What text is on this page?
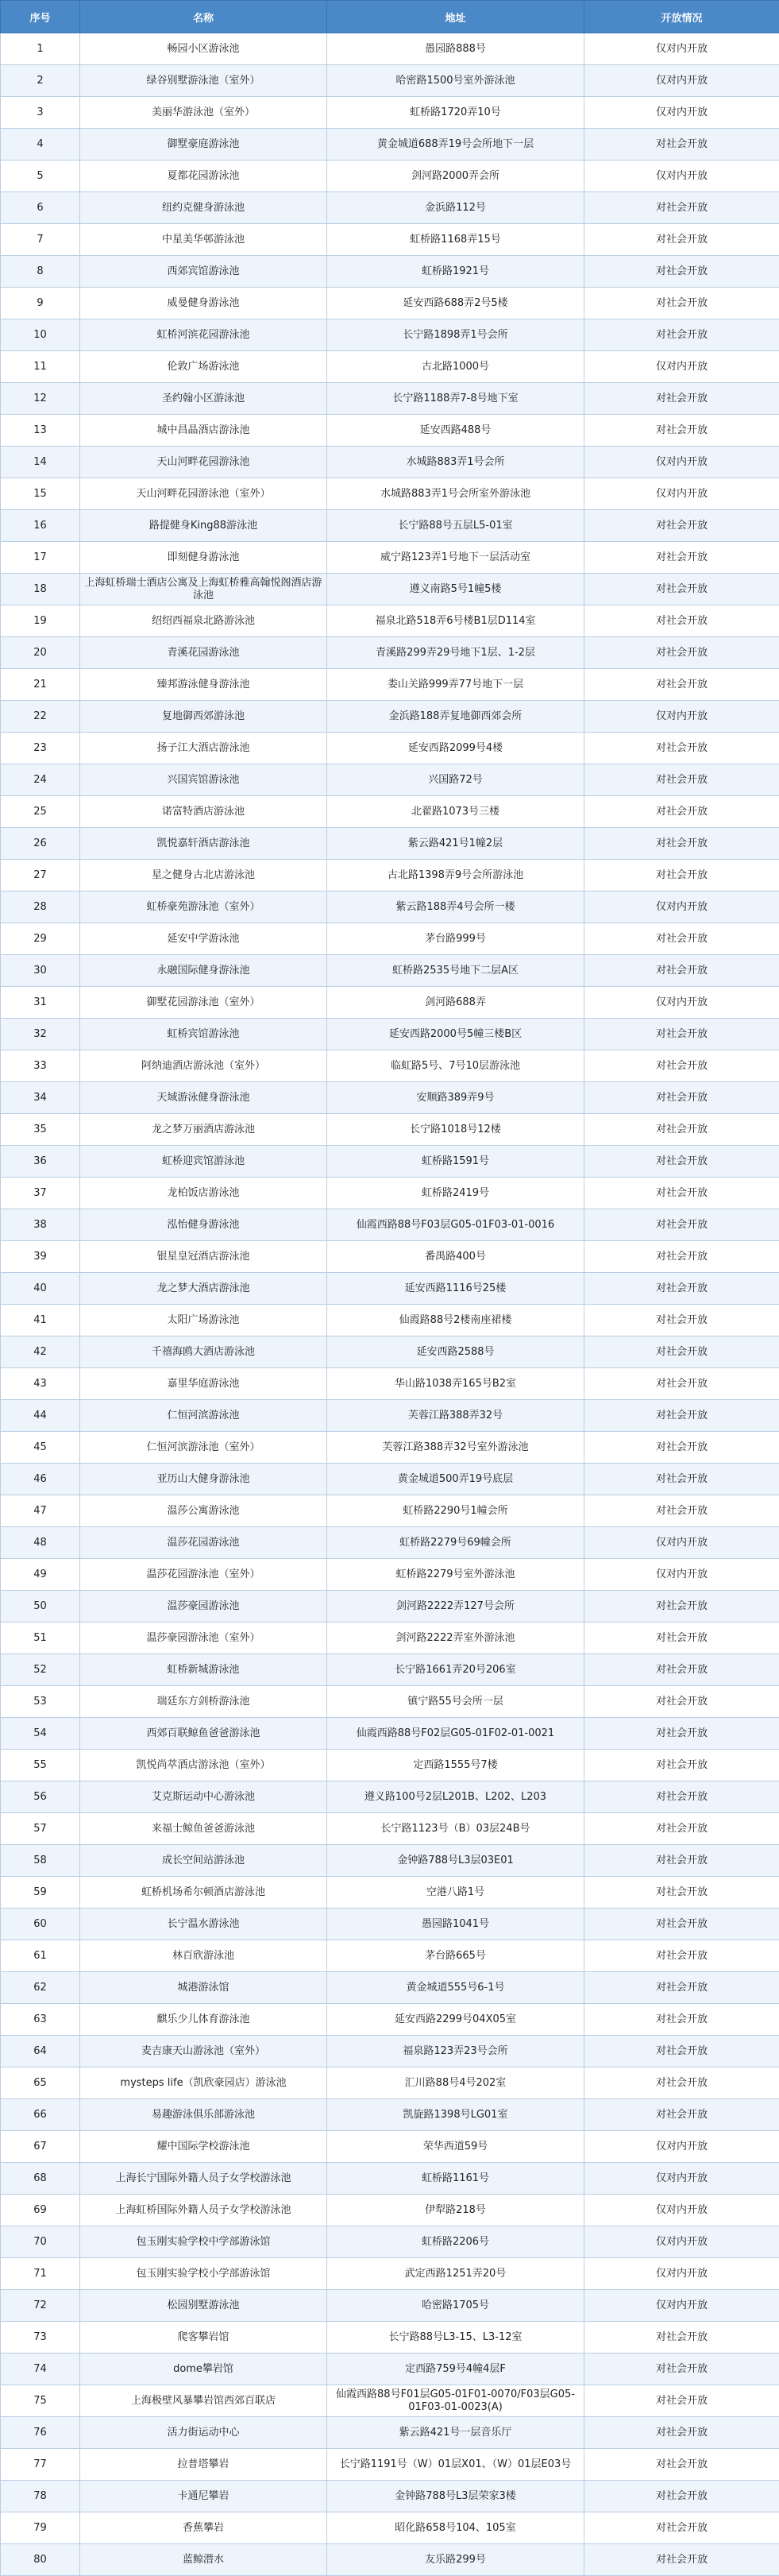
序号	名称	地址	开放情况
1	畅园小区游泳池	愚园路888号	仅对内开放
2	绿谷别墅游泳池（室外）	哈密路1500号室外游泳池	仅对内开放
3	美丽华游泳池（室外）	虹桥路1720弄10号	仅对内开放
4	御墅豪庭游泳池	黄金城道688弄19号会所地下一层	对社会开放
5	夏都花园游泳池	剑河路2000弄会所	仅对内开放
6	纽约克健身游泳池	金浜路112号	对社会开放
7	中星美华邨游泳池	虹桥路1168弄15号	对社会开放
8	西郊宾馆游泳池	虹桥路1921号	对社会开放
9	威曼健身游泳池	延安西路688弄2号5楼	对社会开放
10	虹桥河滨花园游泳池	长宁路1898弄1号会所	对社会开放
11	伦敦广场游泳池	古北路1000号	仅对内开放
12	圣约翰小区游泳池	长宁路1188弄7-8号地下室	对社会开放
13	城中昌晶酒店游泳池	延安西路488号	对社会开放
14	天山河畔花园游泳池	水城路883弄1号会所	仅对内开放
15	天山河畔花园游泳池（室外）	水城路883弄1号会所室外游泳池	仅对内开放
16	路提健身King88游泳池	长宁路88号五层L5-01室	对社会开放
17	即刻健身游泳池	威宁路123弄1号地下一层活动室	对社会开放
18	上海虹桥瑞士酒店公寓及上海虹桥雅高翰悦阁酒店游泳池	遵义南路5号1幢5楼	对社会开放
19	绍绍西福泉北路游泳池	福泉北路518弄6号楼B1层D114室	对社会开放
20	青溪花园游泳池	青溪路299弄29号地下1层、1-2层	对社会开放
21	臻邦游泳健身游泳池	娄山关路999弄77号地下一层	对社会开放
22	复地御西郊游泳池	金浜路188弄复地御西郊会所	仅对内开放
23	扬子江大酒店游泳池	延安西路2099号4楼	对社会开放
24	兴国宾馆游泳池	兴国路72号	对社会开放
25	诺富特酒店游泳池	北翟路1073号三楼	对社会开放
26	凯悦嘉轩酒店游泳池	紫云路421号1幢2层	对社会开放
27	星之健身古北店游泳池	古北路1398弄9号会所游泳池	对社会开放
28	虹桥豪苑游泳池（室外）	紫云路188弄4号会所一楼	仅对内开放
29	延安中学游泳池	茅台路999号	对社会开放
30	永融国际健身游泳池	虹桥路2535号地下二层A区	对社会开放
31	御墅花园游泳池（室外）	剑河路688弄	仅对内开放
32	虹桥宾馆游泳池	延安西路2000号5幢三楼B区	对社会开放
33	阿纳迪酒店游泳池（室外）	临虹路5号、7号10层游泳池	对社会开放
34	天域游泳健身游泳池	安顺路389弄9号	对社会开放
35	龙之梦万丽酒店游泳池	长宁路1018号12楼	对社会开放
36	虹桥迎宾馆游泳池	虹桥路1591号	对社会开放
37	龙柏饭店游泳池	虹桥路2419号	对社会开放
38	泓怡健身游泳池	仙霞西路88号F03层G05-01F03-01-0016	对社会开放
39	银星皇冠酒店游泳池	番禺路400号	对社会开放
40	龙之梦大酒店游泳池	延安西路1116号25楼	对社会开放
41	太阳广场游泳池	仙霞路88号2楼南座裙楼	对社会开放
42	千禧海鸥大酒店游泳池	延安西路2588号	对社会开放
43	嘉里华庭游泳池	华山路1038弄165号B2室	对社会开放
44	仁恒河滨游泳池	芙蓉江路388弄32号	对社会开放
45	仁恒河滨游泳池（室外）	芙蓉江路388弄32号室外游泳池	对社会开放
46	亚历山大健身游泳池	黄金城道500弄19号底层	对社会开放
47	温莎公寓游泳池	虹桥路2290号1幢会所	对社会开放
48	温莎花园游泳池	虹桥路2279号69幢会所	仅对内开放
49	温莎花园游泳池（室外）	虹桥路2279号室外游泳池	仅对内开放
50	温莎豪园游泳池	剑河路2222弄127号会所	对社会开放
51	温莎豪园游泳池（室外）	剑河路2222弄室外游泳池	对社会开放
52	虹桥新城游泳池	长宁路1661弄20号206室	对社会开放
53	瑞廷东方剑桥游泳池	镇宁路55号会所一层	对社会开放
54	西郊百联鲸鱼爸爸游泳池	仙霞西路88号F02层G05-01F02-01-0021	对社会开放
55	凯悦尚萃酒店游泳池（室外）	定西路1555号7楼	对社会开放
56	艾克斯运动中心游泳池	遵义路100号2层L201B、L202、L203	对社会开放
57	来福士鲸鱼爸爸游泳池	长宁路1123号（B）03层24B号	对社会开放
58	成长空间站游泳池	金钟路788号L3层03E01	对社会开放
59	虹桥机场希尔顿酒店游泳池	空港八路1号	对社会开放
60	长宁温水游泳池	愚园路1041号	对社会开放
61	林百欣游泳池	茅台路665号	对社会开放
62	城港游泳馆	黄金城道555号6-1号	对社会开放
63	麒乐少儿体育游泳池	延安西路2299号04X05室	对社会开放
64	麦吉康天山游泳池（室外）	福泉路123弄23号会所	对社会开放
65	mysteps life（凯欣豪园店）游泳池	汇川路88号4号202室	对社会开放
66	易趣游泳俱乐部游泳池	凯旋路1398号LG01室	对社会开放
67	耀中国际学校游泳池	荣华西道59号	仅对内开放
68	上海长宁国际外籍人员子女学校游泳池	虹桥路1161号	仅对内开放
69	上海虹桥国际外籍人员子女学校游泳池	伊犁路218号	仅对内开放
70	包玉刚实验学校中学部游泳馆	虹桥路2206号	仅对内开放
71	包玉刚实验学校小学部游泳馆	武定西路1251弄20号	仅对内开放
72	松园别墅游泳池	哈密路1705号	仅对内开放
73	爬客攀岩馆	长宁路88号L3-15、L3-12室	对社会开放
74	dome攀岩馆	定西路759号4幢4层F	对社会开放
75	上海极壁风暴攀岩馆西郊百联店	仙霞西路88号F01层G05-01F01-0070/F03层G05-01F03-01-0023(A)	对社会开放
76	活力街运动中心	紫云路421号一层音乐厅	对社会开放
77	拉普塔攀岩	长宁路1191号（W）01层X01、（W）01层E03号	对社会开放
78	卡通尼攀岩	金钟路788号L3层荣家3楼	对社会开放
79	香蕉攀岩	昭化路658号104、105室	对社会开放
80	蓝鲸潜水	友乐路299号	对社会开放
